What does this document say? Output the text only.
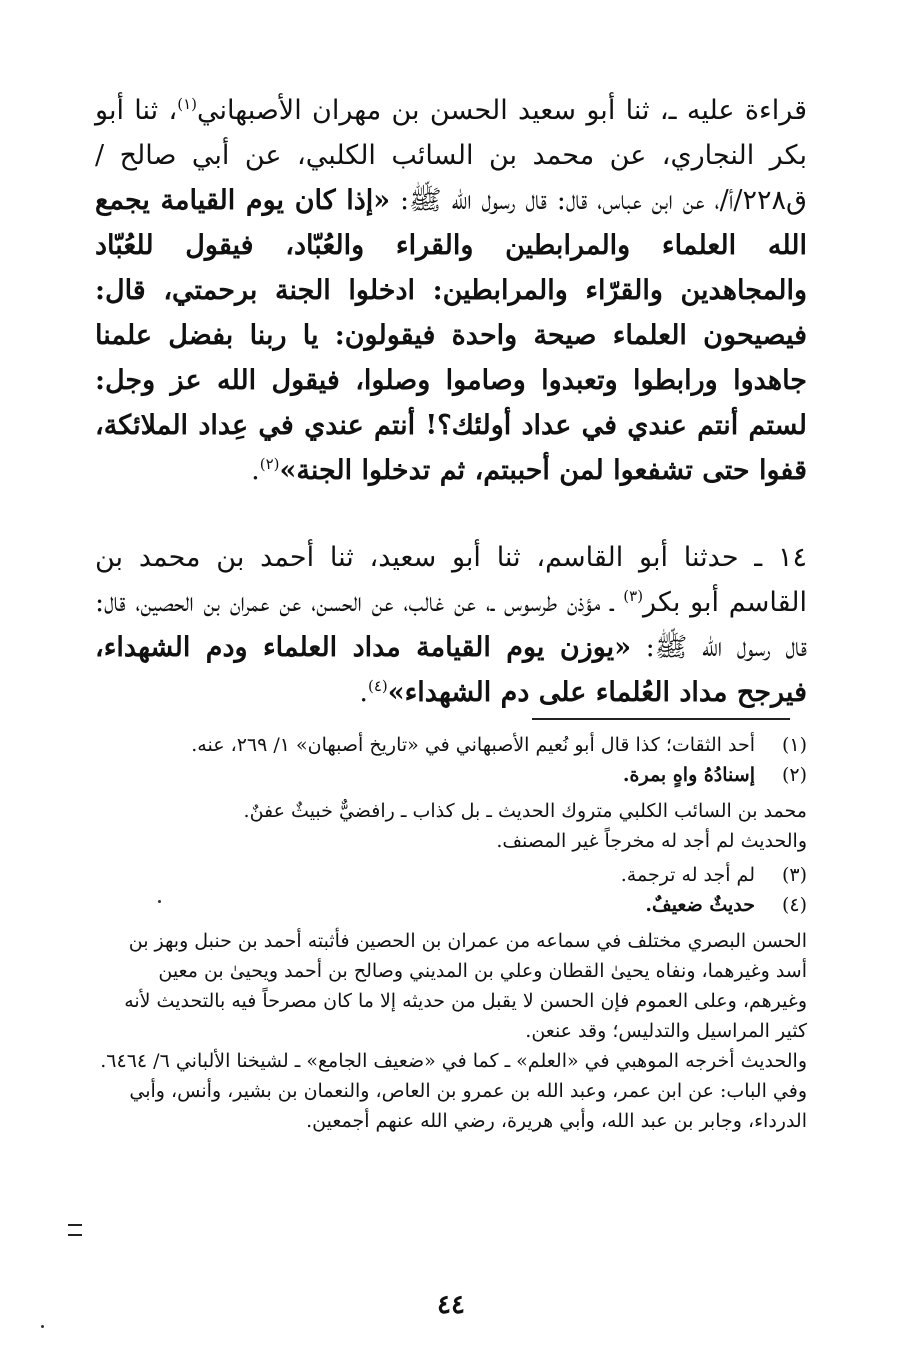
قراءة عليه ـ، ثنا أبو سعيد الحسن بن مهران الأصبهاني$^{(١)}$، ثنا أبو بكر النجاري، عن محمد بن السائب الكلبي، عن أبي صالح /ق٢٢٨/أ/، عن ابن عباس، قال: قال رسول الله ﷺ: «إذا كان يوم القيامة يجمع الله العلماء والمرابطين والقراء والعُبّاد، فيقول للعُبّاد والمجاهدين والقرّاء والمرابطين: ادخلوا الجنة برحمتي، قال: فيصيحون العلماء صيحة واحدة فيقولون: يا ربنا بفضل علمنا جاهدوا ورابطوا وتعبدوا وصاموا وصلوا، فيقول الله عز وجل: لستم أنتم عندي في عداد أولئك؟! أنتم عندي في عِداد الملائكة، قفوا حتى تشفعوا لمن أحببتم، ثم تدخلوا الجنة»$^{(٢)}$.

١٤ ـ حدثنا أبو القاسم، ثنا أبو سعيد، ثنا أحمد بن محمد بن القاسم أبو بكر$^{(٣)}$ ـ مؤذن طرسوس ـ، عن غالب، عن الحسن، عن عمران بن الحصين، قال: قال رسول الله ﷺ: «يوزن يوم القيامة مداد العلماء ودم الشهداء، فيرجح مداد العُلماء على دم الشهداء»$^{(٤)}$.

(١)
أحد الثقات؛ كذا قال أبو نُعيم الأصبهاني في «تاريخ أصبهان» ١/ ٢٦٩، عنه.
(٢)
إسنادُهُ واهٍ بمرة.

محمد بن السائب الكلبي متروك الحديث ـ بل كذاب ـ رافضيٌّ خبيثٌ عفنٌ.

والحديث لم أجد له مخرجاً غير المصنف.

(٣)
لم أجد له ترجمة.
(٤)
حديثٌ ضعيفٌ.

الحسن البصري مختلف في سماعه من عمران بن الحصين فأثبته أحمد بن حنبل وبهز بن أسد وغيرهما، ونفاه يحيىٰ القطان وعلي بن المديني وصالح بن أحمد ويحيىٰ بن معين وغيرهم، وعلى العموم فإن الحسن لا يقبل من حديثه إلا ما كان مصرحاً فيه بالتحديث لأنه كثير المراسيل والتدليس؛ وقد عنعن.

والحديث أخرجه الموهبي في «العلم» ـ كما في «ضعيف الجامع» ـ لشيخنا الألباني ٦/ ٦٤٦٤.

وفي الباب: عن ابن عمر، وعبد الله بن عمرو بن العاص، والنعمان بن بشير، وأنس، وأبي الدرداء، وجابر بن عبد الله، وأبي هريرة، رضي الله عنهم أجمعين.

٤٤
